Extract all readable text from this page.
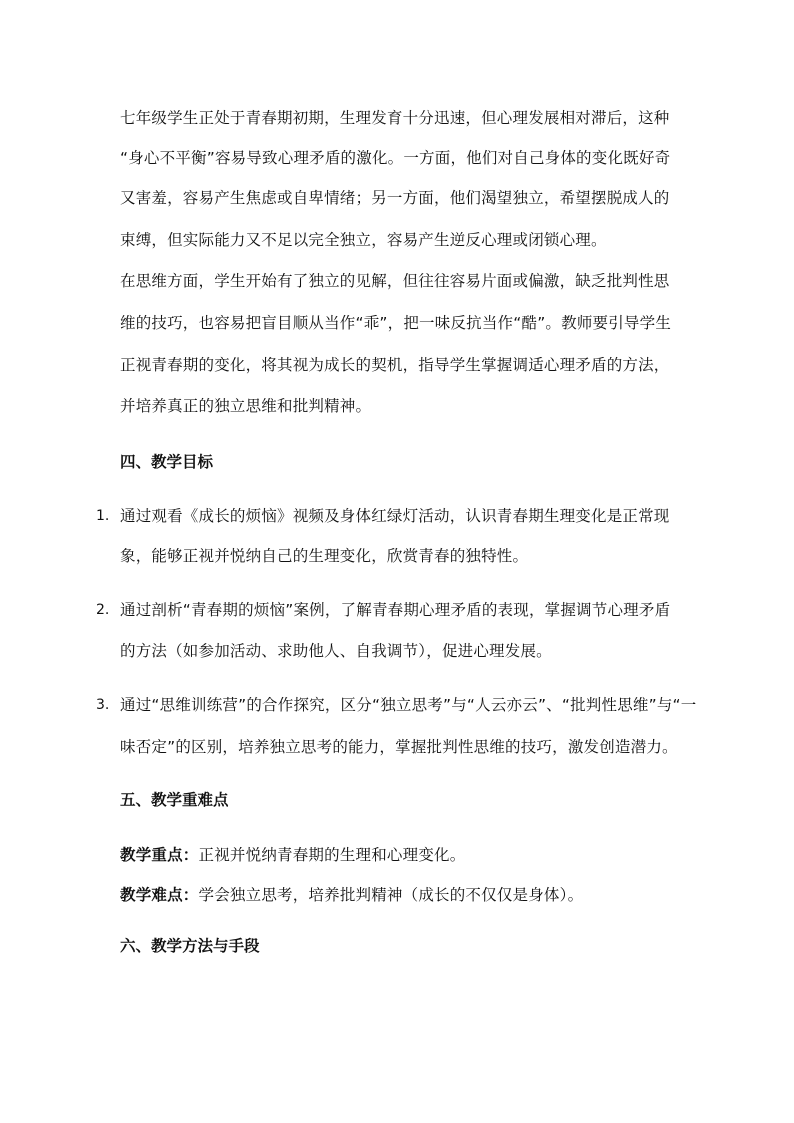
七年级学生正处于青春期初期，生理发育十分迅速，但心理发展相对滞后，这种
“身心不平衡”容易导致心理矛盾的激化。一方面，他们对自己身体的变化既好奇
又害羞，容易产生焦虑或自卑情绪；另一方面，他们渴望独立，希望摆脱成人的
束缚，但实际能力又不足以完全独立，容易产生逆反心理或闭锁心理。
在思维方面，学生开始有了独立的见解，但往往容易片面或偏激，缺乏批判性思
维的技巧，也容易把盲目顺从当作“乖”，把一味反抗当作“酷”。教师要引导学生
正视青春期的变化，将其视为成长的契机，指导学生掌握调适心理矛盾的方法，
并培养真正的独立思维和批判精神。
四、教学目标
1. 通过观看《成长的烦恼》视频及身体红绿灯活动，认识青春期生理变化是正常现
象，能够正视并悦纳自己的生理变化，欣赏青春的独特性。
2. 通过剖析“青春期的烦恼”案例，了解青春期心理矛盾的表现，掌握调节心理矛盾
的方法（如参加活动、求助他人、自我调节），促进心理发展。
3. 通过“思维训练营”的合作探究，区分“独立思考”与“人云亦云”、“批判性思维”与“一
味否定”的区别，培养独立思考的能力，掌握批判性思维的技巧，激发创造潜力。
五、教学重难点
教学重点：正视并悦纳青春期的生理和心理变化。
教学难点：学会独立思考，培养批判精神（成长的不仅仅是身体）。
六、教学方法与手段
